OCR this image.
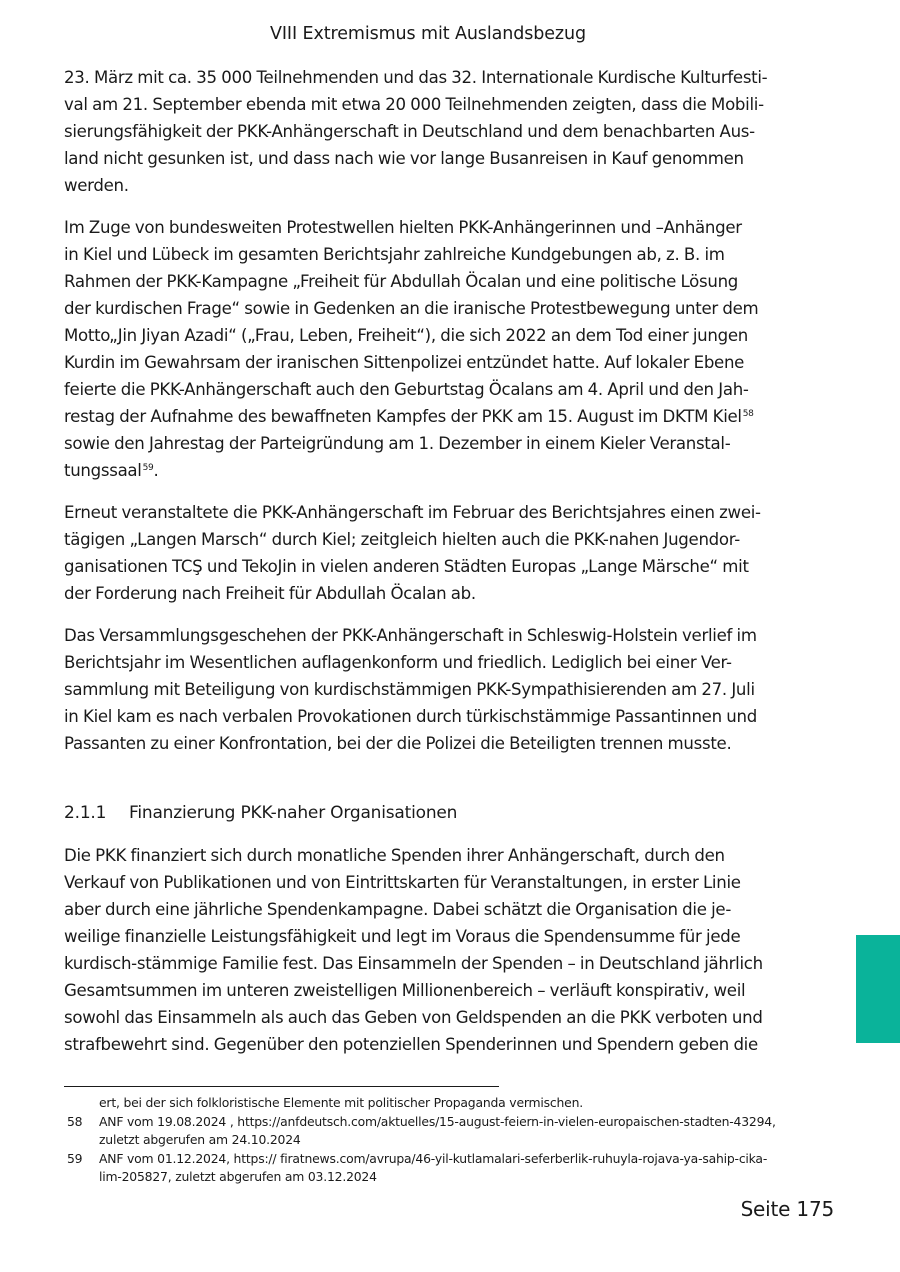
VIII Extremismus mit Auslandsbezug

23. März mit ca. 35 000 Teilnehmenden und das 32. Internationale Kurdische Kulturfesti-
val am 21. September ebenda mit etwa 20 000 Teilnehmenden zeigten, dass die Mobili-
sierungsfähigkeit der PKK-Anhängerschaft in Deutschland und dem benachbarten Aus-
land nicht gesunken ist, und dass nach wie vor lange Busanreisen in Kauf genommen
werden.

Im Zuge von bundesweiten Protestwellen hielten PKK-Anhängerinnen und –Anhänger
in Kiel und Lübeck im gesamten Berichtsjahr zahlreiche Kundgebungen ab, z. B. im
Rahmen der PKK-Kampagne „Freiheit für Abdullah Öcalan und eine politische Lösung
der kurdischen Frage“ sowie in Gedenken an die iranische Protestbewegung unter dem
Motto„Jin Jiyan Azadi“ („Frau, Leben, Freiheit“), die sich 2022 an dem Tod einer jungen
Kurdin im Gewahrsam der iranischen Sittenpolizei entzündet hatte. Auf lokaler Ebene
feierte die PKK-Anhängerschaft auch den Geburtstag Öcalans am 4. April und den Jah-
restag der Aufnahme des bewaffneten Kampfes der PKK am 15. August im DKTM Kiel$^{58}$
sowie den Jahrestag der Parteigründung am 1. Dezember in einem Kieler Veranstal-
tungssaal$^{59}$.

Erneut veranstaltete die PKK-Anhängerschaft im Februar des Berichtsjahres einen zwei-
tägigen „Langen Marsch“ durch Kiel; zeitgleich hielten auch die PKK-nahen Jugendor-
ganisationen TCŞ und TekoJin in vielen anderen Städten Europas „Lange Märsche“ mit
der Forderung nach Freiheit für Abdullah Öcalan ab.

Das Versammlungsgeschehen der PKK-Anhängerschaft in Schleswig-Holstein verlief im
Berichtsjahr im Wesentlichen auflagenkonform und friedlich. Lediglich bei einer Ver-
sammlung mit Beteiligung von kurdischstämmigen PKK-Sympathisierenden am 27. Juli
in Kiel kam es nach verbalen Provokationen durch türkischstämmige Passantinnen und
Passanten zu einer Konfrontation, bei der die Polizei die Beteiligten trennen musste.

2.1.1	Finanzierung PKK-naher Organisationen

Die PKK finanziert sich durch monatliche Spenden ihrer Anhängerschaft, durch den
Verkauf von Publikationen und von Eintrittskarten für Veranstaltungen, in erster Linie
aber durch eine jährliche Spendenkampagne. Dabei schätzt die Organisation die je-
weilige finanzielle Leistungsfähigkeit und legt im Voraus die Spendensumme für jede
kurdisch-stämmige Familie fest. Das Einsammeln der Spenden – in Deutschland jährlich
Gesamtsummen im unteren zweistelligen Millionenbereich – verläuft konspirativ, weil
sowohl das Einsammeln als auch das Geben von Geldspenden an die PKK verboten und
strafbewehrt sind. Gegenüber den potenziellen Spenderinnen und Spendern geben die

ert, bei der sich folkloristische Elemente mit politischer Propaganda vermischen.
58	ANF vom 19.08.2024 , https://anfdeutsch.com/aktuelles/15-august-feiern-in-vielen-europaischen-stadten-43294,
zuletzt abgerufen am 24.10.2024
59	ANF vom 01.12.2024, https:// firatnews.com/avrupa/46-yil-kutlamalari-seferberlik-ruhuyla-rojava-ya-sahip-cika-
lim-205827, zuletzt abgerufen am 03.12.2024
Seite 175
